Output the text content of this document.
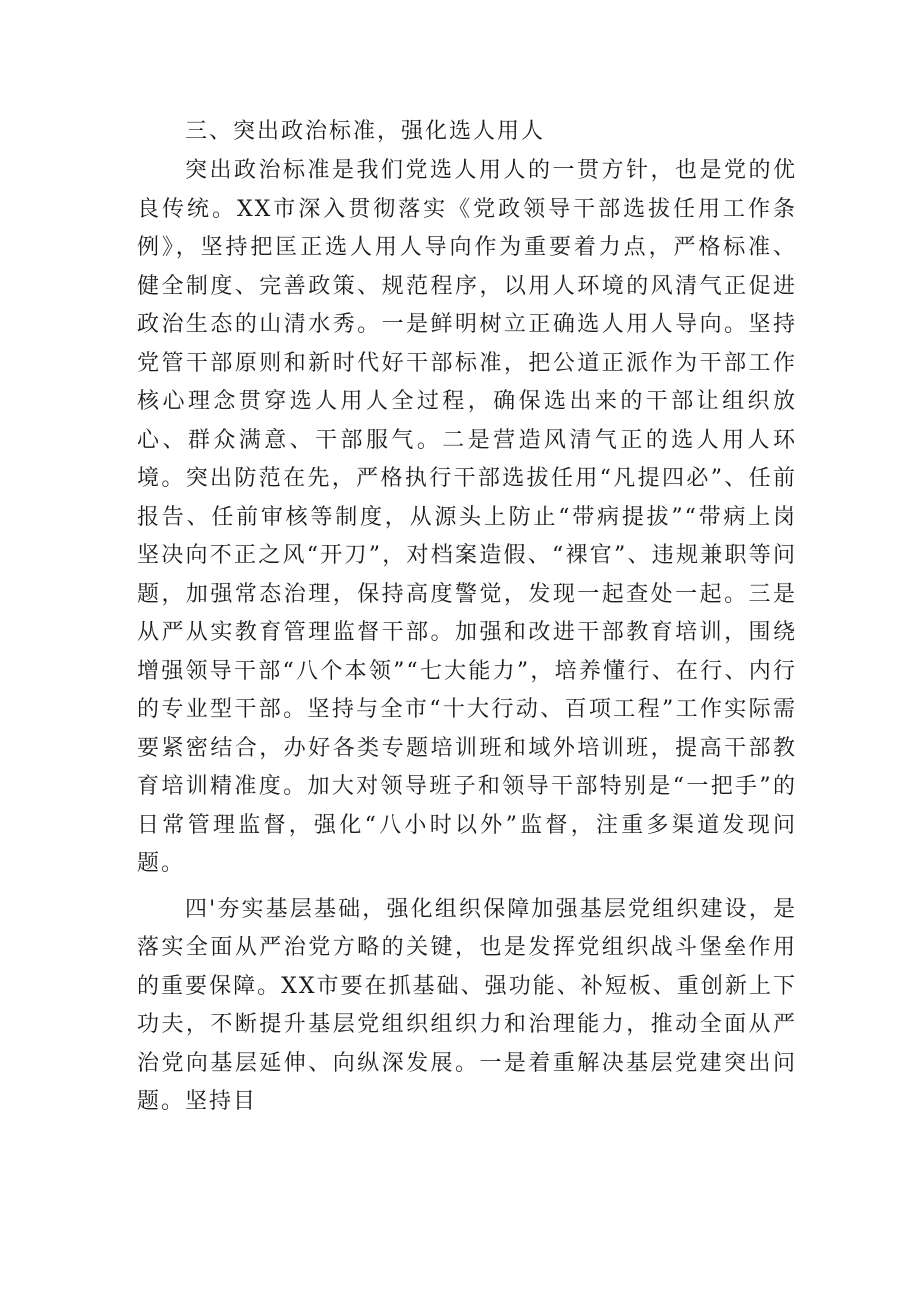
三、突出政治标准，强化选人用人

突出政治标准是我们党选人用人的一贯方针，也是党的优良传统。XX市深入贯彻落实《党政领导干部选拔任用工作条例》，坚持把匡正选人用人导向作为重要着力点，严格标准、健全制度、完善政策、规范程序，以用人环境的风清气正促进政治生态的山清水秀。一是鲜明树立正确选人用人导向。坚持党管干部原则和新时代好干部标准，把公道正派作为干部工作核心理念贯穿选人用人全过程，确保选出来的干部让组织放心、群众满意、干部服气。二是营造风清气正的选人用人环境。突出防范在先，严格执行干部选拔任用“凡提四必”、任前报告、任前审核等制度，从源头上防止“带病提拔”“带病上岗坚决向不正之风“开刀”，对档案造假、“裸官”、违规兼职等问题，加强常态治理，保持高度警觉，发现一起查处一起。三是从严从实教育管理监督干部。加强和改进干部教育培训，围绕增强领导干部“八个本领”“七大能力”，培养懂行、在行、内行的专业型干部。坚持与全市“十大行动、百项工程”工作实际需要紧密结合，办好各类专题培训班和域外培训班，提高干部教育培训精准度。加大对领导班子和领导干部特别是“一把手”的日常管理监督，强化“八小时以外”监督，注重多渠道发现问题。

四'夯实基层基础，强化组织保障加强基层党组织建设，是落实全面从严治党方略的关键，也是发挥党组织战斗堡垒作用的重要保障。XX市要在抓基础、强功能、补短板、重创新上下功夫，不断提升基层党组织组织力和治理能力，推动全面从严治党向基层延伸、向纵深发展。一是着重解决基层党建突出问题。坚持目
